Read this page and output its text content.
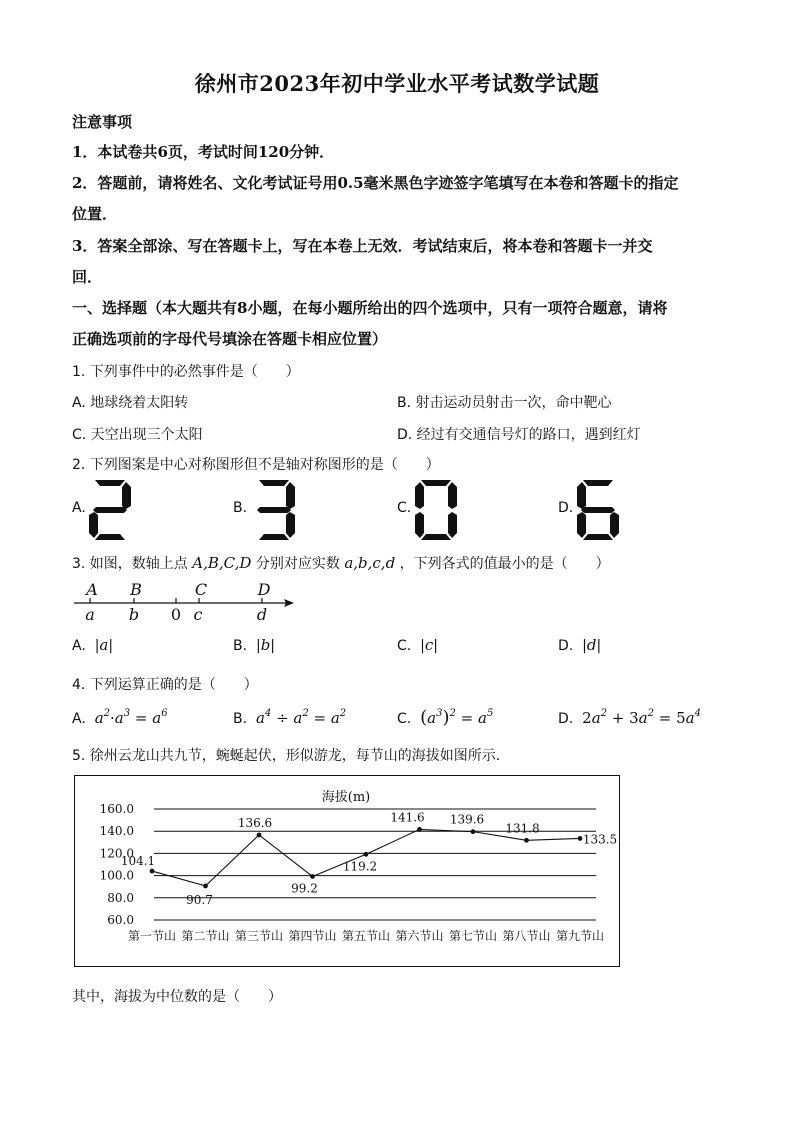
徐州市2023年初中学业水平考试数学试题
注意事项
1．本试卷共6页，考试时间120分钟．
2．答题前，请将姓名、文化考试证号用0.5毫米黑色字迹签字笔填写在本卷和答题卡的指定
位置．
3．答案全部涂、写在答题卡上，写在本卷上无效．考试结束后，将本卷和答题卡一并交
回．
一、选择题（本大题共有8小题，在每小题所给出的四个选项中，只有一项符合题意，请将
正确选项前的字母代号填涂在答题卡相应位置）
1. 下列事件中的必然事件是（　　）
A. 地球绕着太阳转	B. 射击运动员射击一次，命中靶心
C. 天空出现三个太阳	D. 经过有交通信号灯的路口，遇到红灯
2. 下列图案是中心对称图形但不是轴对称图形的是（　　）
A.	B.	C.	D.
3. 如图，数轴上点 A,B,C,D 分别对应实数 a,b,c,d ，下列各式的值最小的是（　　）
A B	C	D
a b 0 c	d
A. |a|	B. |b|	C. |c|	D. |d|
4. 下列运算正确的是（　　）
A. $a^2\cdot a^3 = a^6$	B. $a^4 \div a^2 = a^2$	C. $(a^3)^2 = a^5$	D. $2a^2 + 3a^2 = 5a^4$
5. 徐州云龙山共九节，蜿蜒起伏，形似游龙，每节山的海拔如图所示．
海拔(m)
60.0
80.0
100.0
120.0
140.0
160.0
104.1
90.7
136.6
99.2
119.2
141.6 139.6
131.8
133.5
第一节山 第二节山 第三节山 第四节山 第五节山 第六节山 第七节山 第八节山 第九节山
其中，海拔为中位数的是（　　）
